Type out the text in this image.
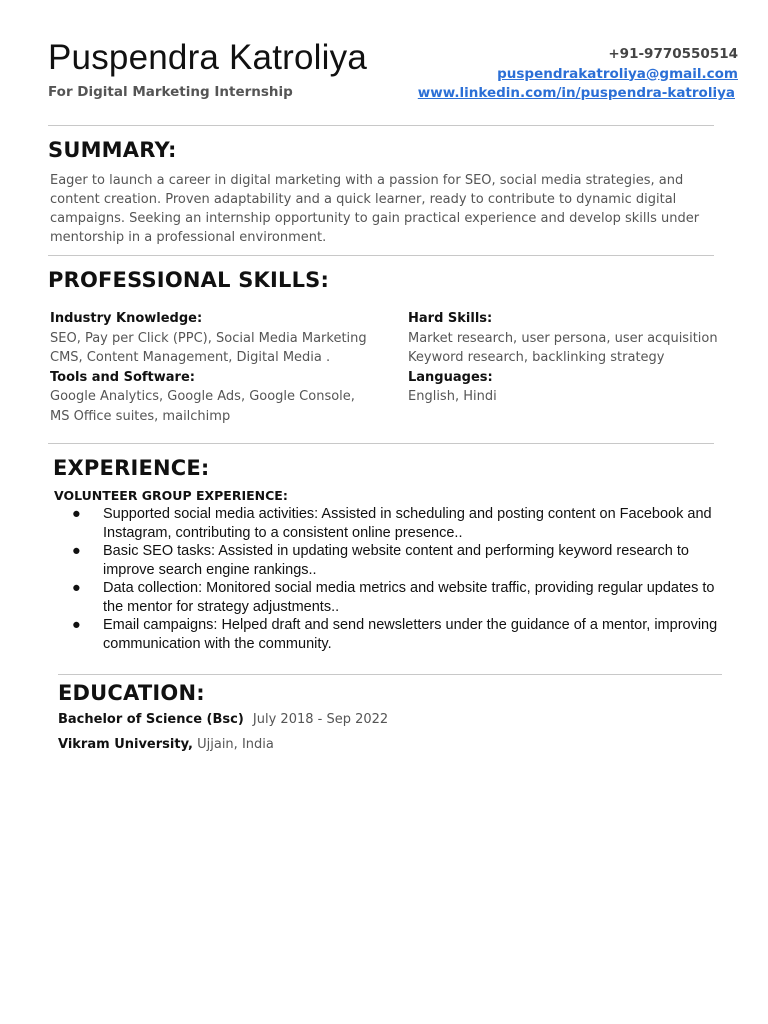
Puspendra Katroliya
For Digital Marketing Internship
+91-9770550514
puspendrakatroliya@gmail.com
www.linkedin.com/in/puspendra-katroliya
SUMMARY:

Eager to launch a career in digital marketing with a passion for SEO, social media strategies, and content creation. Proven adaptability and a quick learner, ready to contribute to dynamic digital campaigns. Seeking an internship opportunity to gain practical experience and develop skills under mentorship in a professional environment.

PROFESSIONAL SKILLS:
Industry Knowledge:
SEO, Pay per Click (PPC), Social Media Marketing
CMS, Content Management, Digital Media .
Tools and Software:
Google Analytics, Google Ads, Google Console,
MS Office suites, mailchimp
Hard Skills:
Market research, user persona, user acquisition
Keyword research, backlinking strategy
Languages:
English, Hindi
EXPERIENCE:
VOLUNTEER GROUP EXPERIENCE:
● Supported social media activities: Assisted in scheduling and posting content on Facebook and Instagram, contributing to a consistent online presence..
● Basic SEO tasks: Assisted in updating website content and performing keyword research to improve search engine rankings..
● Data collection: Monitored social media metrics and website traffic, providing regular updates to the mentor for strategy adjustments..
● Email campaigns: Helped draft and send newsletters under the guidance of a mentor, improving communication with the community.
EDUCATION:
Bachelor of Science (Bsc) July 2018 - Sep 2022
Vikram University, Ujjain, India
